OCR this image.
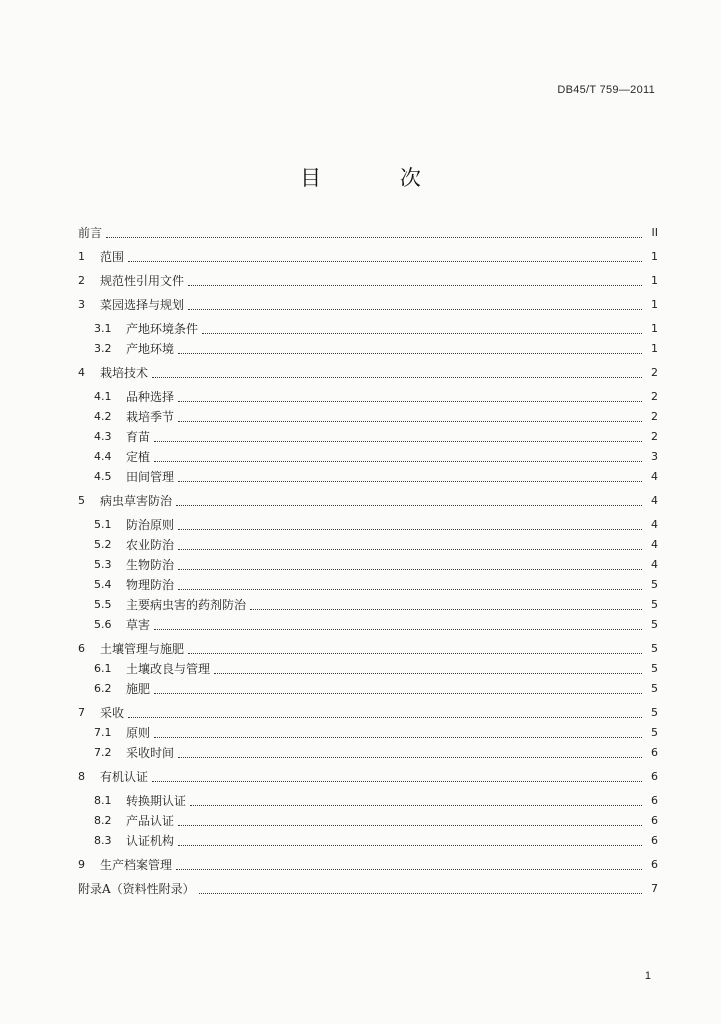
DB45/T 759—2011
目 次
前言	II
1	范围	1
2	规范性引用文件	1
3	菜园选择与规划	1
3.1	产地环境条件	1
3.2	产地环境	1
4	栽培技术	2
4.1	品种选择	2
4.2	栽培季节	2
4.3	育苗	2
4.4	定植	3
4.5	田间管理	4
5	病虫草害防治	4
5.1	防治原则	4
5.2	农业防治	4
5.3	生物防治	4
5.4	物理防治	5
5.5	主要病虫害的药剂防治	5
5.6	草害	5
6	土壤管理与施肥	5
6.1	土壤改良与管理	5
6.2	施肥	5
7	采收	5
7.1	原则	5
7.2	采收时间	6
8	有机认证	6
8.1	转换期认证	6
8.2	产品认证	6
8.3	认证机构	6
9	生产档案管理	6
附录A（资料性附录）	7
1
